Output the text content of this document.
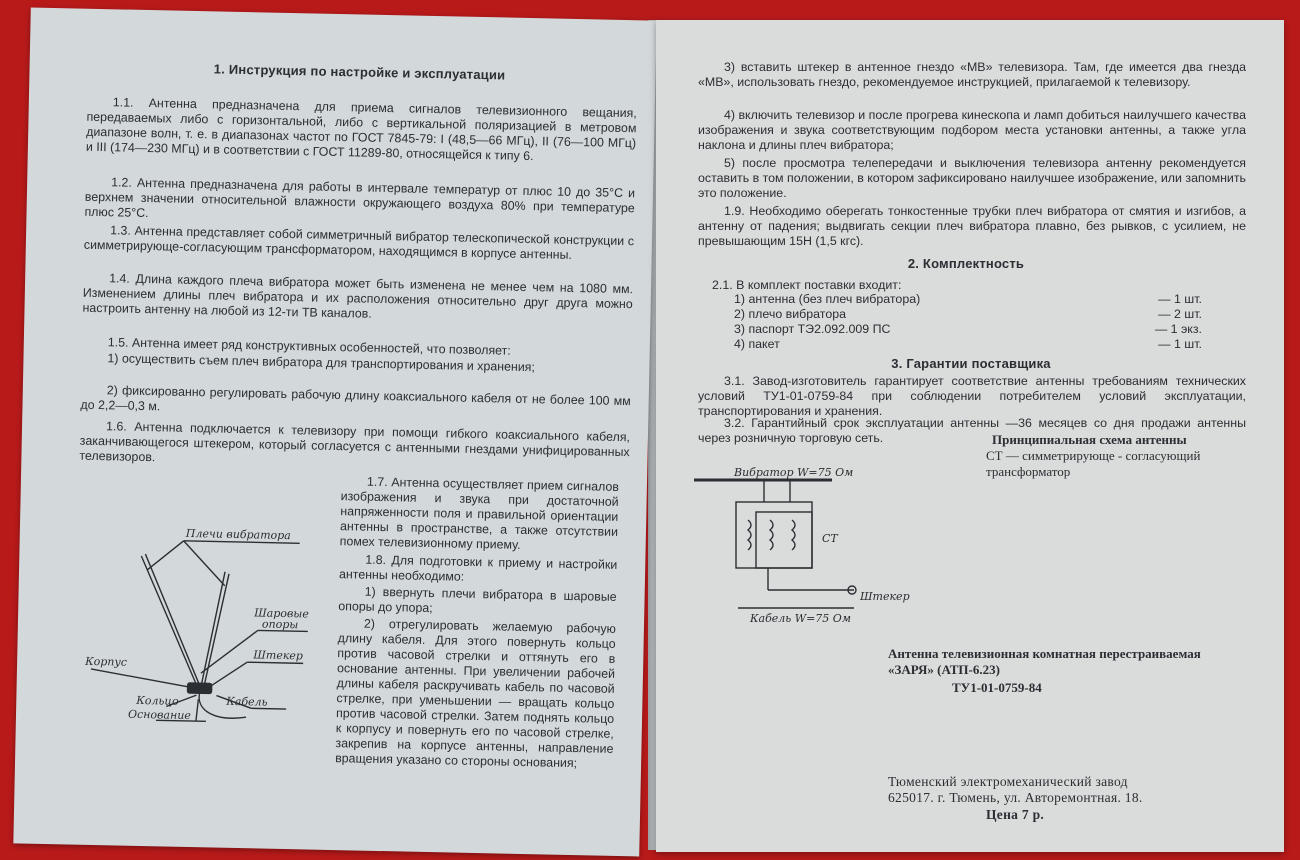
1. Инструкция по настройке и эксплуатации

1.1. Антенна предназначена для приема сигналов телевизионного вещания, передаваемых либо с горизонтальной, либо с вертикальной поляризацией в метровом диапазоне волн, т. е. в диапазонах частот по ГОСТ 7845-79: I (48,5—66 МГц), II (76—100 МГц) и III (174—230 МГц) и в соответствии с ГОСТ 11289-80, относящейся к типу 6.

1.2. Антенна предназначена для работы в интервале температур от плюс 10 до 35°С и верхнем значении относительной влажности окружающего воздуха 80% при температуре плюс 25°С.

1.3. Антенна представляет собой симметричный вибратор телескопической конструкции с симметрирующе-согласующим трансформатором, находящимся в корпусе антенны.

1.4. Длина каждого плеча вибратора может быть изменена не менее чем на 1080 мм. Изменением длины плеч вибратора и их расположения относительно друг друга можно настроить антенну на любой из 12-ти ТВ каналов.

1.5. Антенна имеет ряд конструктивных особенностей, что позволяет:

1) осуществить съем плеч вибратора для транспортирования и хранения;

2) фиксированно регулировать рабочую длину коаксиального кабеля от не более 100 мм до 2,2—0,3 м.

1.6. Антенна подключается к телевизору при помощи гибкого коаксиального кабеля, заканчивающегося штекером, который согласуется с антенными гнездами унифицированных телевизоров.

1.7. Антенна осуществляет прием сигналов изображения и звука при достаточной напряженности поля и правильной ориентации антенны в пространстве, а также отсутствии помех телевизионному приему.

1.8. Для подготовки к приему и настройки антенны необходимо:

1) ввернуть плечи вибратора в шаровые опоры до упора;

2) отрегулировать желаемую рабочую длину кабеля. Для этого повернуть кольцо против часовой стрелки и оттянуть его в основание антенны. При увеличении рабочей длины кабеля раскручивать кабель по часовой стрелке, при уменьшении — вращать кольцо против часовой стрелки. Затем поднять кольцо к корпусу и повернуть его по часовой стрелке, закрепив на корпусе антенны, направление вращения указано со стороны основания;

Плечи вибратора
Шаровые
опоры
Корпус	Штекер
Кольцо	Кабель
Основание

3) вставить штекер в антенное гнездо «МВ» телевизора. Там, где имеется два гнезда «МВ», использовать гнездо, рекомендуемое инструкцией, прилагаемой к телевизору.

4) включить телевизор и после прогрева кинескопа и ламп добиться наилучшего качества изображения и звука соответствующим подбором места установки антенны, а также угла наклона и длины плеч вибратора;

5) после просмотра телепередачи и выключения телевизора антенну рекомендуется оставить в том положении, в котором зафиксировано наилучшее изображение, или запомнить это положение.

1.9. Необходимо оберегать тонкостенные трубки плеч вибратора от смятия и изгибов, а антенну от падения; выдвигать секции плеч вибратора плавно, без рывков, с усилием, не превышающим 15Н (1,5 кгс).

2. Комплектность

2.1. В комплект поставки входит:

1) антенна (без плеч вибратора)	— 1 шт.
2) плечо вибратора	— 2 шт.
3) паспорт ТЭ2.092.009 ПС	— 1 экз.
4) пакет	— 1 шт.
3. Гарантии поставщика

3.1. Завод-изготовитель гарантирует соответствие антенны требованиям технических условий ТУ1-01-0759-84 при соблюдении потребителем условий эксплуатации, транспортирования и хранения.

3.2. Гарантийный срок эксплуатации антенны —36 месяцев со дня продажи антенны через розничную торговую сеть.	Принципиальная схема антенны
СТ — симметрирующе - согласующий трансформатор
Вибратор W=75 Ом
СТ
Штекер
Кабель W=75 Ом
Антенна телевизионная комнатная перестраиваемая «ЗАРЯ» (АТП-6.23)
ТУ1-01-0759-84
Тюменский электромеханический завод
625017. г. Тюмень, ул. Авторемонтная. 18.
Цена 7 р.
